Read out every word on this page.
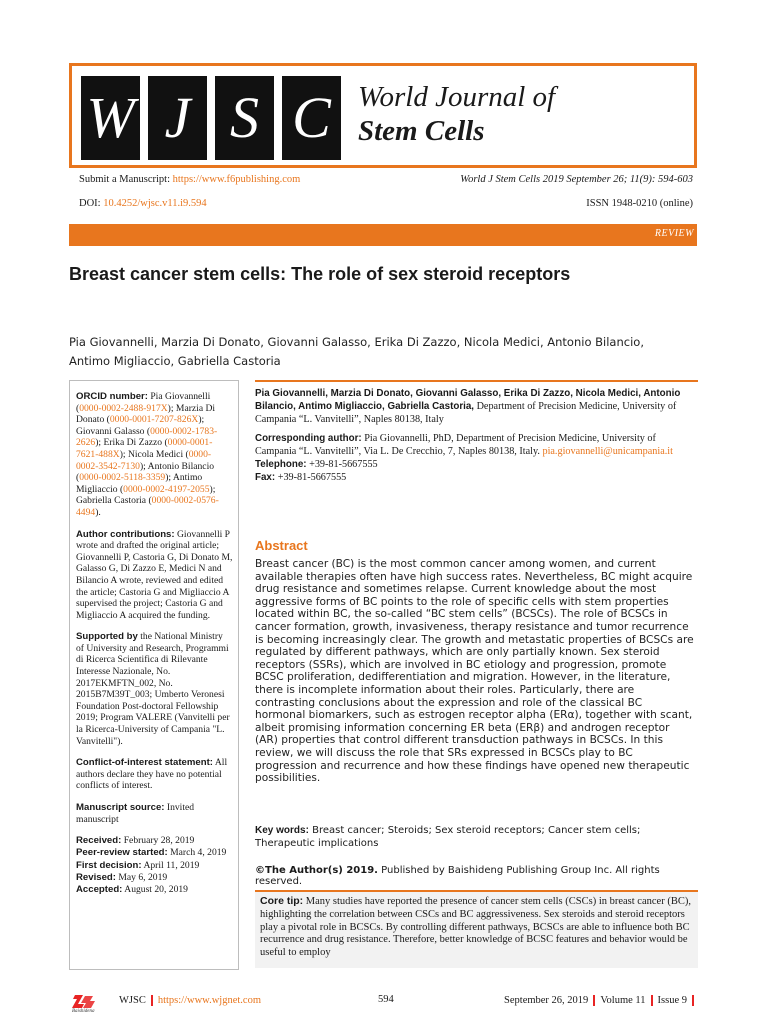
W J S C World Journal of
Stem Cells
Submit a Manuscript: https://www.f6publishing.com	World J Stem Cells 2019 September 26; 11(9): 594-603
DOI: 10.4252/wjsc.v11.i9.594	ISSN 1948-0210 (online)
REVIEW
Breast cancer stem cells: The role of sex steroid receptors
Pia Giovannelli, Marzia Di Donato, Giovanni Galasso, Erika Di Zazzo, Nicola Medici, Antonio Bilancio,
Antimo Migliaccio, Gabriella Castoria

ORCID number: Pia Giovannelli (0000-0002-2488-917X); Marzia Di Donato (0000-0001-7207-826X); Giovanni Galasso (0000-0002-1783-2626); Erika Di Zazzo (0000-0001-7621-488X); Nicola Medici (0000-0002-3542-7130); Antonio Bilancio (0000-0002-5118-3359); Antimo Migliaccio (0000-0002-4197-2055); Gabriella Castoria (0000-0002-0576-4494).

Author contributions: Giovannelli P wrote and drafted the original article; Giovannelli P, Castoria G, Di Donato M, Galasso G, Di Zazzo E, Medici N and Bilancio A wrote, reviewed and edited the article; Castoria G and Migliaccio A supervised the project; Castoria G and Migliaccio A acquired the funding.

Supported by the National Ministry of University and Research, Programmi di Ricerca Scientifica di Rilevante Interesse Nazionale, No. 2017EKMFTN_002, No. 2015B7M39T_003; Umberto Veronesi Foundation Post-doctoral Fellowship 2019; Program VALERE (Vanvitelli per la Ricerca-University of Campania "L. Vanvitelli").

Conflict-of-interest statement: All authors declare they have no potential conflicts of interest.

Manuscript source: Invited manuscript

Received: February 28, 2019
Peer-review started: March 4, 2019
First decision: April 11, 2019
Revised: May 6, 2019
Accepted: August 20, 2019

Pia Giovannelli, Marzia Di Donato, Giovanni Galasso, Erika Di Zazzo, Nicola Medici, Antonio Bilancio, Antimo Migliaccio, Gabriella Castoria, Department of Precision Medicine, University of Campania “L. Vanvitelli”, Naples 80138, Italy

Corresponding author: Pia Giovannelli, PhD, Department of Precision Medicine, University of Campania “L. Vanvitelli”, Via L. De Crecchio, 7, Naples 80138, Italy. pia.giovannelli@unicampania.it
Telephone: +39-81-5667555
Fax: +39-81-5667555

Abstract
Breast cancer (BC) is the most common cancer among women, and current available therapies often have high success rates. Nevertheless, BC might acquire drug resistance and sometimes relapse. Current knowledge about the most aggressive forms of BC points to the role of specific cells with stem properties located within BC, the so-called “BC stem cells” (BCSCs). The role of BCSCs in cancer formation, growth, invasiveness, therapy resistance and tumor recurrence is becoming increasingly clear. The growth and metastatic properties of BCSCs are regulated by different pathways, which are only partially known. Sex steroid receptors (SSRs), which are involved in BC etiology and progression, promote BCSC proliferation, dedifferentiation and migration. However, in the literature, there is incomplete information about their roles. Particularly, there are contrasting conclusions about the expression and role of the classical BC hormonal biomarkers, such as estrogen receptor alpha (ERα), together with scant, albeit promising information concerning ER beta (ERβ) and androgen receptor (AR) properties that control different transduction pathways in BCSCs. In this review, we will discuss the role that SRs expressed in BCSCs play to BC progression and recurrence and how these findings have opened new therapeutic possibilities.
Key words: Breast cancer; Steroids; Sex steroid receptors; Cancer stem cells; Therapeutic implications
©The Author(s) 2019. Published by Baishideng Publishing Group Inc. All rights reserved.
Core tip: Many studies have reported the presence of cancer stem cells (CSCs) in breast cancer (BC), highlighting the correlation between CSCs and BC aggressiveness. Sex steroids and steroid receptors play a pivotal role in BCSCs. By controlling different pathways, BCSCs are able to influence both BC recurrence and drug resistance. Therefore, better knowledge of BCSC features and behavior would be useful to employ
Baishideng
WJSC https://www.wjgnet.com	594	September 26, 2019 Volume 11 Issue 9
